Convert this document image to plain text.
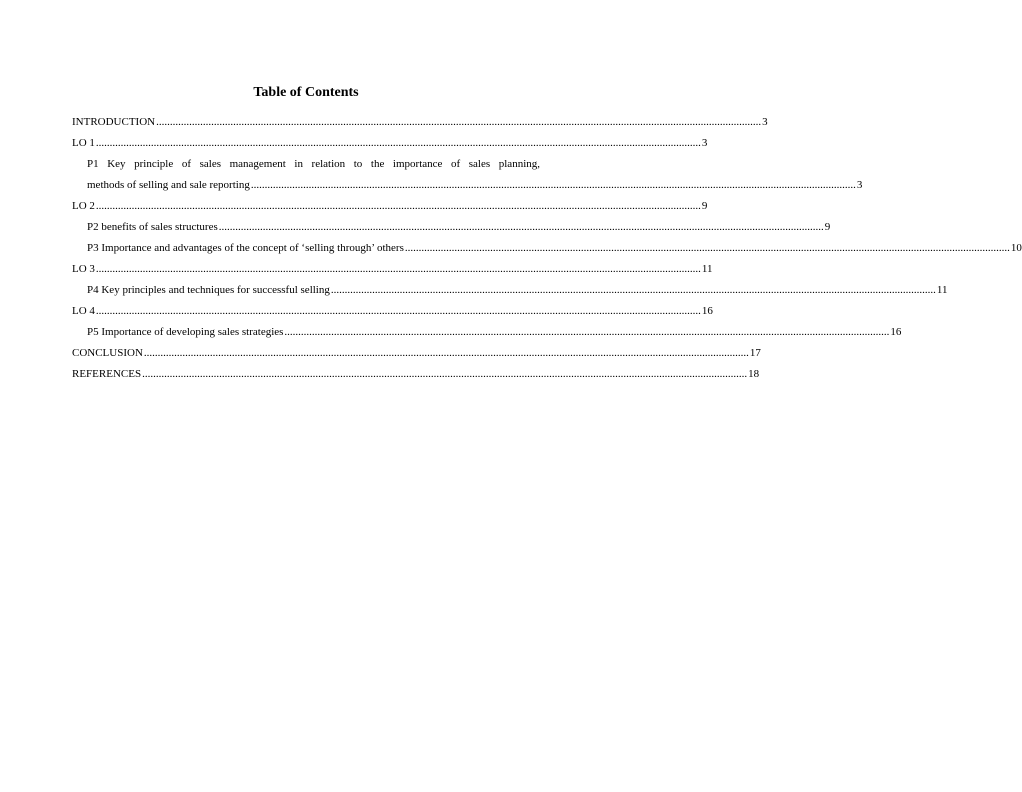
Table of Contents
INTRODUCTION ............................................................................................................................................................................................................................ 3
LO 1 ............................................................................................................................................................................................................................ 3
P1 Key principle of sales management in relation to the importance of sales planning,
methods of selling and sale reporting ............................................................................................................................................................................................................................ 3
LO 2 ............................................................................................................................................................................................................................ 9
P2 benefits of sales structures ............................................................................................................................................................................................................................ 9
P3 Importance and advantages of the concept of ‘selling through’ others ............................................................................................................................................................................................................................ 10
LO 3 ............................................................................................................................................................................................................................ 11
P4 Key principles and techniques for successful selling ............................................................................................................................................................................................................................ 11
LO 4 ............................................................................................................................................................................................................................ 16
P5 Importance of developing sales strategies ............................................................................................................................................................................................................................ 16
CONCLUSION ............................................................................................................................................................................................................................ 17
REFERENCES ............................................................................................................................................................................................................................ 18
